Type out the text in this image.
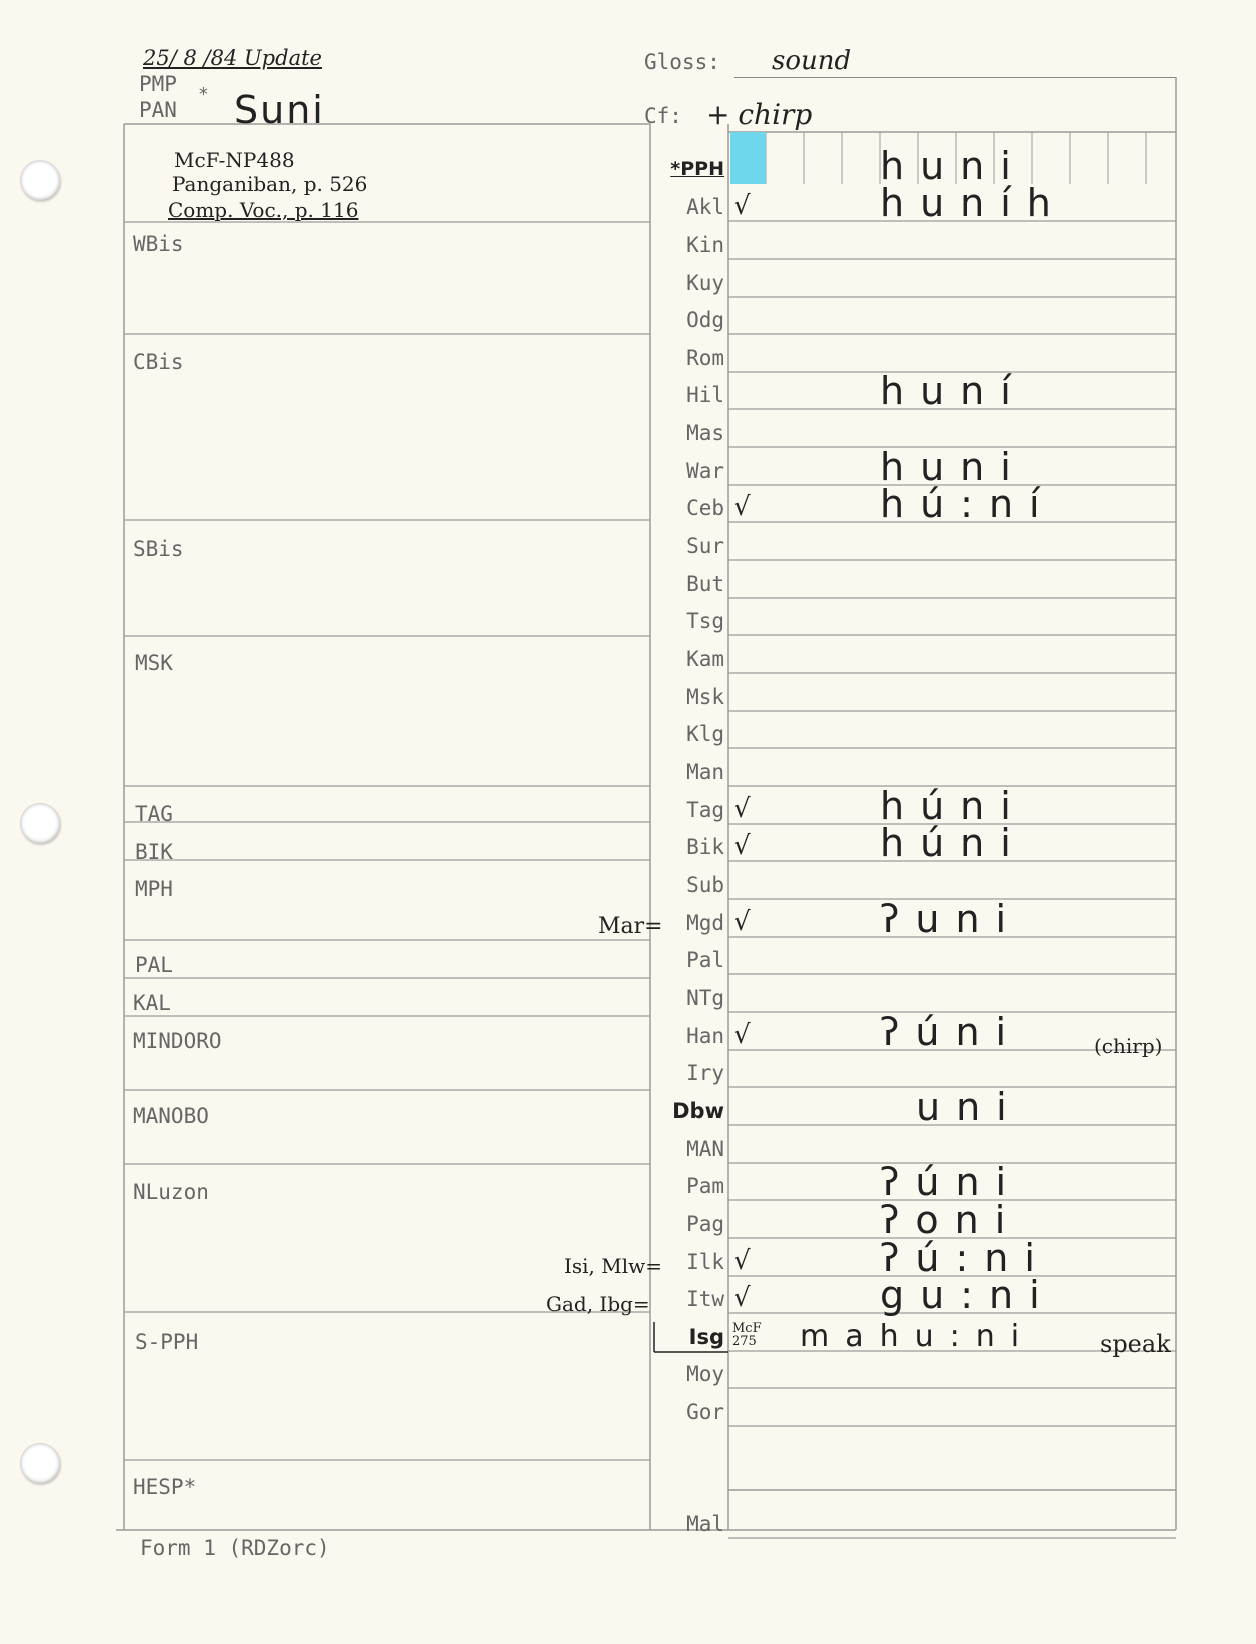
25/ 8 /84 Update
PMP
PAN
* Suni
Gloss: sound
Cf: + chirp
McF-NP488
Panganiban, p. 526
Comp. Voc., p. 116
WBis
CBis
SBis
MSK
TAG
BIK
MPH
PAL
KAL
MINDORO
MANOBO
NLuzon
S-PPH
HESP*
*PPH	huni
Akl √	huníh
Kin
Kuy
Odg
Rom
Hil	huní
Mas
War	huni
Ceb √	hú:ní
Sur
But
Tsg
Kam
Msk
Klg
Man
Tag √	húni
Bik √	húni
Sub
Mgd √	ʔuni
Pal
NTg
Han √	ʔúni
Iry
Dbw	uni
MAN
Pam	ʔúni
Pag	ʔoni
Ilk √	ʔú:ni
Itw √	gu:ni
Isg	mahu:ni
Moy
Gor
Mal
Mar=
Isi, Mlw=
Gad, Ibg=
(chirp)
McF 275	speak
Form 1 (RDZorc)
